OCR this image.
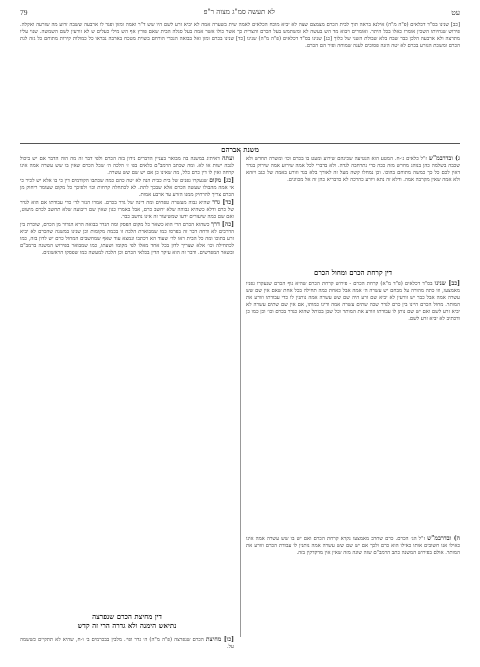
עט
לא תעשה סמ"ג מצוה ר"פ
79
[כב] שנינו בס"ד דכלאים (פ"ה מ"ה) אילנא בראה תוך לבית הכרם מצמצם שצה לא יביא מוכח הכלאים לאמה שית בשערה אמה לא יביא זרע לשם היו שש ד"ר ואמה ומזון ופגד לו ארבעה ששבה זרוע מה שזרעה ואקלה. פירוש שנחיותו השכין אומרו כאלו בכל היתר. ואומרים ויבוא מד הש בעשה לא ומשתמש בעל הכרם והצרית כך אשר כולו אשר אמה בעל סגלה הבית שאם פורץ אף הש מילי כעלים ש לא זורעין לשם השמשה. שנוי עליו מתרצה ולא ארבעה הלכן כבר שבח בלא שבולת השני של כלוך [כג] שנינו בס"ד דכלאים (פ"ה מ"ה) שנינו [כד] שנינו בכרם ומזן ואל בבואה הנכרי הורחם בשוית מטכח בארבה נבראו כל כמולות קירות מתוחם כל גזה לגת הכרם ומשכת הנזרע בכרם לא יטה הזנה פסוכים לענה שמוחה ופיר הם הכרם.
משנת אברהם
ג) ובדרבמ"ש ז"ל כלאים ג׳-ח. המטע הוא הנטיעה שכינהם שירוע ומעט בו בכרם וכו׳ ומשרה תחדש ולא שכבה בשלמה כהן בנוהג מחרש מזה ככה כדי נתרחבה לגדה. ולא בדברי לכל אמה שירוע אמה שירוק בגדר דאין לכם כל כך כמשה מתוחם בהוכו. וכן נמחלו קשה מעל זה לאורך בלא בגד וזורע באמה של כגב ויזהא ולא אמה שאין מקרבה אמה. ודלא זה נתא ויורע כהרכה לא כדבריא כהן זה אל מכוונים.
דין קרחת הכרם ומחול הכרם
[כב] שנינו בס"ד דכלאים (פ"ד מ"א) קרחת הכרם - פירוש קרחת הכרם שהיא גוף הכרם שנעקרו גפניו מאמצעו, וזו כתה מהורה על מבחם יש עשרה ה׳ אמה אבל כאחת כמה תחילה בכל אחת שאם אין שם שש עשרה אמה אבל כבר יש זורעין לא יביא שם זרע היה שם שש עשרה אמה נותנין לו כדי עבודתו וזורע את המותר. מחול הכרם היינו בין כרם לגדר שכה שתים עשרה אמה ודינו כמותו, אם אין שם שתים עשרה לא יביא זרע לשם ואם יש שם נותן לו עבודתו וזורע את המותר וכל שכן בכותל שהוא כגדר בכרם וכו׳ וכן כמו כן ודכתיב לא יביא זרע לשם.
ה) ובדרבמ"ש ז"ל הג׳ הכרם. כרם שחרב מאמצעו נקרא קרחת הכרם ואם יש בו שש עשרה אמה אינו כאילו אנו חשובים אותו כאילו הוא כרם ולכך אם יש שם שש עשרה אמה נותנין לו עבודת הכרם וזורע את המותר. אולם בפירוש המשנה כתב הרמב"ם שזה שונה מזה שאין אין מדקדקין בזה.
ועתה דאיתיג במשנה בה מבואר בעניין הדברים נידון בזה הכרם ולפי דבר זה מה הוה הדבר אם יש ביכול לגבה ישות או לא. ומה שכתב הרמב"ם כלאים בפ׳ ז׳ הלכה ה׳ שכל הכרם שאין בו שש עשרה אמה אינו קרחה ואין לו דין כרם כלל, מה שאינו כן אם יש שם שש עשרה.
[כג] מקום שנעקרו גפנים של בית כבית הנה לא יטה כהם כמה שכתבו הקודמים דין כי בו אלא יש לכיר כי אי אמה מהבולו שעשה הכרם אלא שבכך לתת. לא לכתחלה קרחות וכו׳ ולפיכך כל מקום שעומד ריחוק מן הכרם צריך להרחיק ממנו הזרע עד ארבע אמות.
[כד] גדר שהיא גבוה מעשרה טפחים ומה דינה של גדר בכרם. אמרו הנזר לד׳ כדי עבודתו אם הוא לגדר של כרם ודלא כשהיא גבוהה שלא יחשב כרם, אבל באמרו כגון שאין שם ריבועה שלא תחשב לכרם מיעוט, ואם שם כמה שיעורים ידעו שמשיעור זה אינו נחשב כבר.
[כה] דרך כשהוא הכרם הרי הוא כשאר כל מקום הפסק ומה הנדר בבואה הרא הגדור מן הכרם, שוכרת בין הדרכים לא ודחה דבר זה בפרסו כמו שמבוארת הלכה זו בכמה מקומות וכן שנינו במשנה שהכרם לא יביא זרע בתוכו ומה כל הבית ראו לד׳ שעוד הא דכתבו ונמצא עוד שאף שמחשבים המחול כרם יש לדון בזה, כמו לכתחילה וכו׳ אלא שצריך לדון בכל אחד מאלו לפי מקומו ושעתו, כמו שמבואר בפירוש המשנה ברמב"ם ובשאר המפרשים. ודבר זה הוא עיקר הדין בכלאי הכרם וכן הלכה למעשה כמו שפסקו הראשונים.
דין מחיצת הכרם שנפרצה
נתיאש הימנה ולא גדרה הרי זה קדש
[כו] מחיצת הכרם שנפרצה (פ"ה מ"ה) ה׳ גדר ופי׳. מלבין בבכרמים ב׳ ו-ח, שהיא לא תתקיים כששמה על.
